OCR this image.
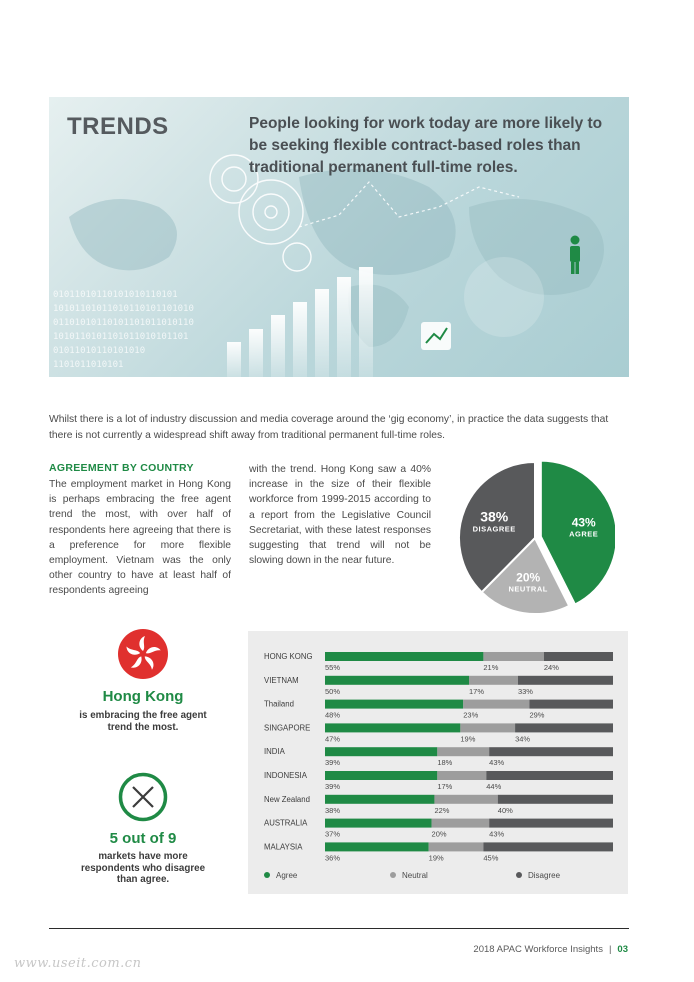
01011010110101010110101
10101101011010110101101010
01101010110101101011010110
1010110101101011010101101
01011010110101010
1101011010101
TRENDS	People looking for work today are more likely to be seeking flexible contract-based roles than traditional permanent full-time roles.

Whilst there is a lot of industry discussion and media coverage around the ‘gig economy’, in practice the data suggests that there is not currently a widespread shift away from traditional permanent full-time roles.

AGREEMENT BY COUNTRY

The employment market in Hong Kong is perhaps embracing the free agent trend the most, with over half of respondents here agreeing that there is a preference for more flexible employment. Vietnam was the only other country to have at least half of respondents agreeing

with the trend. Hong Kong saw a 40% increase in the size of their flexible workforce from 1999-2015 according to a report from the Legislative Council Secretariat, with these latest responses suggesting that trend will not be slowing down in the near future.

43%
AGREE
20%
NEUTRAL
38%
DISAGREE
Hong Kong
is embracing the free agent trend the most.
5 out of 9
markets have more respondents who disagree than agree.
HONG KONG
55%	21%	24%
VIETNAM
50%	17%	33%
Thailand
48%	23%	29%
SINGAPORE
47%	19%	34%
INDIA
39%	18%	43%
INDONESIA
39%	17%	44%
New Zealand
38%	22%	40%
AUSTRALIA
37%	20%	43%
MALAYSIA
36%	19%	45%
Agree	Neutral	Disagree
2018 APAC Workforce Insights | 03
www.useit.com.cn
